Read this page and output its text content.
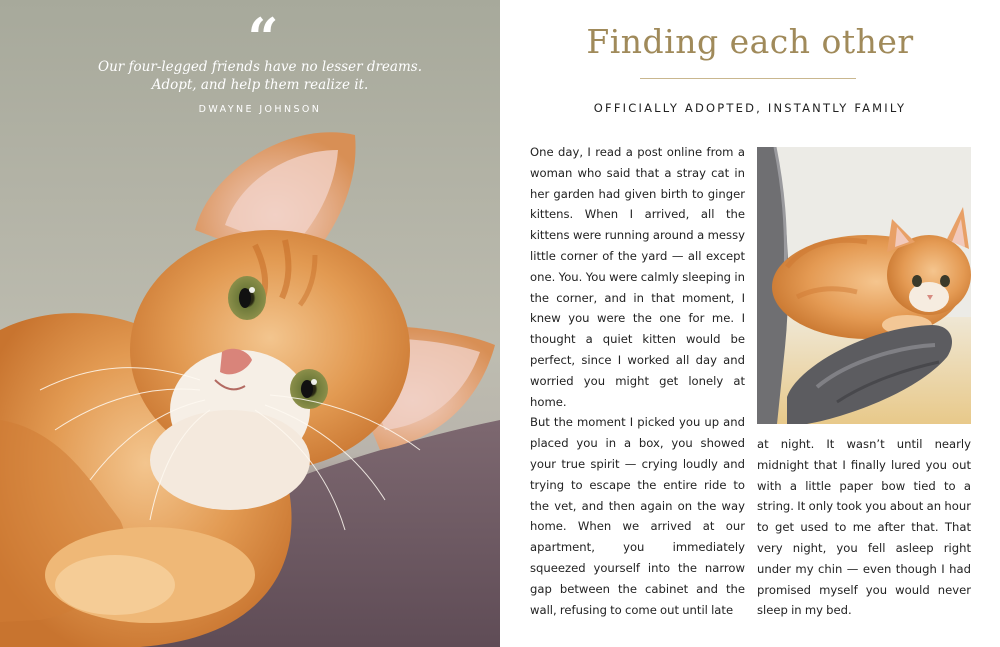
“
Our four-legged friends have no lesser dreams.
Adopt, and help them realize it.
DWAYNE JOHNSON
Finding each other
OFFICIALLY ADOPTED, INSTANTLY FAMILY

One day, I read a post online from a woman who said that a stray cat in her garden had given birth to ginger kittens. When I arrived, all the kittens were running around a messy little corner of the yard — all except one. You. You were calmly sleeping in the corner, and in that moment, I knew you were the one for me. I thought a quiet kitten would be perfect, since I worked all day and worried you might get lonely at home.

But the moment I picked you up and placed you in a box, you showed your true spirit — crying loudly and trying to escape the entire ride to the vet, and then again on the way home. When we arrived at our apartment, you immediately squeezed yourself into the narrow gap between the cabinet and the wall, refusing to come out until late

at night. It wasn’t until nearly midnight that I finally lured you out with a little paper bow tied to a string. It only took you about an hour to get used to me after that. That very night, you fell asleep right under my chin — even though I had promised myself you would never sleep in my bed.
